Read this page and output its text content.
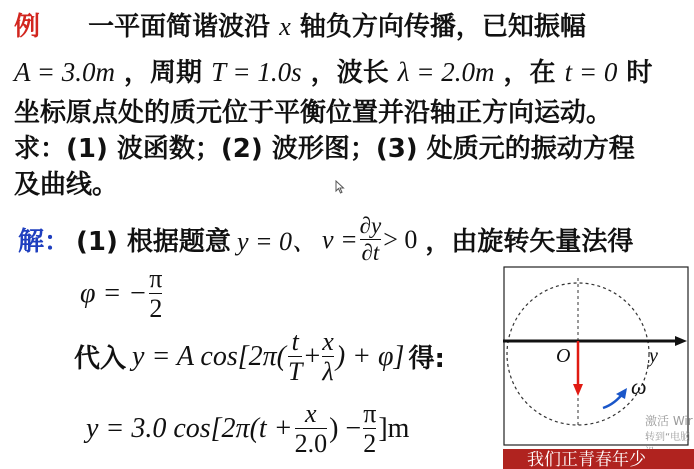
例 一平面简谐波沿 x 轴负方向传播，已知振幅
A = 3.0m ，周期 T = 1.0s ，波长 λ = 2.0m ，在 t = 0 时
坐标原点处的质元位于平衡位置并沿轴正方向运动。
求：(1) 波函数；(2) 波形图；(3) 处质元的振动方程
及曲线。
解： (1) 根据题意 y = 0、 $v = \frac{\partial y}{\partial t} > 0$ ，由旋转矢量法得
φ = − $\frac{\pi}{2}$
代入 y = A $\cos[2\pi( \frac{t}{T} + \frac{x}{\lambda}$ ) + φ] 得:
y = 3.0 $\cos[2\pi(t + \frac{x}{2.0}$ ) − $\frac{\pi}{2} ]m$
O	y
ω
激活 Wir
转到“电脑
我们正青春年少
